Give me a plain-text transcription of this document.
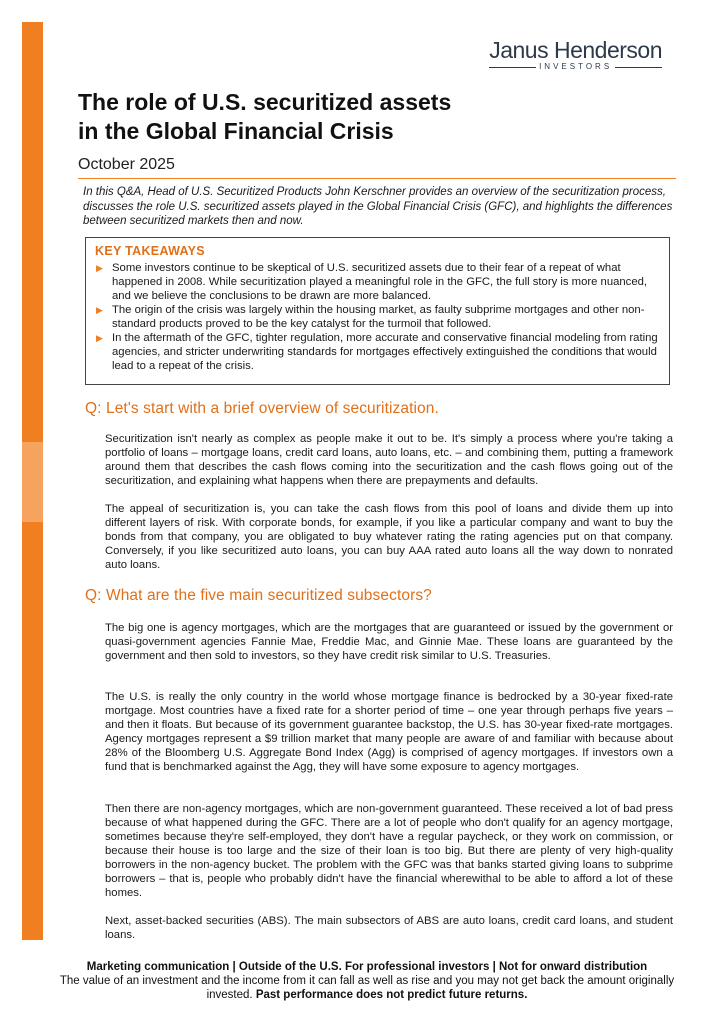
Janus Henderson
INVESTORS
The role of U.S. securitized assets
in the Global Financial Crisis
October 2025
In this Q&A, Head of U.S. Securitized Products John Kerschner provides an overview of the securitization process, discusses the role U.S. securitized assets played in the Global Financial Crisis (GFC), and highlights the differences between securitized markets then and now.
KEY TAKEAWAYS
▶ Some investors continue to be skeptical of U.S. securitized assets due to their fear of a repeat of what happened in 2008. While securitization played a meaningful role in the GFC, the full story is more nuanced, and we believe the conclusions to be drawn are more balanced.
▶ The origin of the crisis was largely within the housing market, as faulty subprime mortgages and other non-standard products proved to be the key catalyst for the turmoil that followed.
▶ In the aftermath of the GFC, tighter regulation, more accurate and conservative financial modeling from rating agencies, and stricter underwriting standards for mortgages effectively extinguished the conditions that would lead to a repeat of the crisis.
Q: Let's start with a brief overview of securitization.
Securitization isn't nearly as complex as people make it out to be. It's simply a process where you're taking a portfolio of loans – mortgage loans, credit card loans, auto loans, etc. – and combining them, putting a framework around them that describes the cash flows coming into the securitization and the cash flows going out of the securitization, and explaining what happens when there are prepayments and defaults.
The appeal of securitization is, you can take the cash flows from this pool of loans and divide them up into different layers of risk. With corporate bonds, for example, if you like a particular company and want to buy the bonds from that company, you are obligated to buy whatever rating the rating agencies put on that company. Conversely, if you like securitized auto loans, you can buy AAA rated auto loans all the way down to nonrated auto loans.
Q: What are the five main securitized subsectors?
The big one is agency mortgages, which are the mortgages that are guaranteed or issued by the government or quasi-government agencies Fannie Mae, Freddie Mac, and Ginnie Mae. These loans are guaranteed by the government and then sold to investors, so they have credit risk similar to U.S. Treasuries.
The U.S. is really the only country in the world whose mortgage finance is bedrocked by a 30-year fixed-rate mortgage. Most countries have a fixed rate for a shorter period of time – one year through perhaps five years – and then it floats. But because of its government guarantee backstop, the U.S. has 30-year fixed-rate mortgages. Agency mortgages represent a $9 trillion market that many people are aware of and familiar with because about 28% of the Bloomberg U.S. Aggregate Bond Index (Agg) is comprised of agency mortgages. If investors own a fund that is benchmarked against the Agg, they will have some exposure to agency mortgages.
Then there are non-agency mortgages, which are non-government guaranteed. These received a lot of bad press because of what happened during the GFC. There are a lot of people who don't qualify for an agency mortgage, sometimes because they're self-employed, they don't have a regular paycheck, or they work on commission, or because their house is too large and the size of their loan is too big. But there are plenty of very high-quality borrowers in the non-agency bucket. The problem with the GFC was that banks started giving loans to subprime borrowers – that is, people who probably didn't have the financial wherewithal to be able to afford a lot of these homes.
Next, asset-backed securities (ABS). The main subsectors of ABS are auto loans, credit card loans, and student loans.
Marketing communication | Outside of the U.S. For professional investors | Not for onward distribution
The value of an investment and the income from it can fall as well as rise and you may not get back the amount originally invested. Past performance does not predict future returns.
